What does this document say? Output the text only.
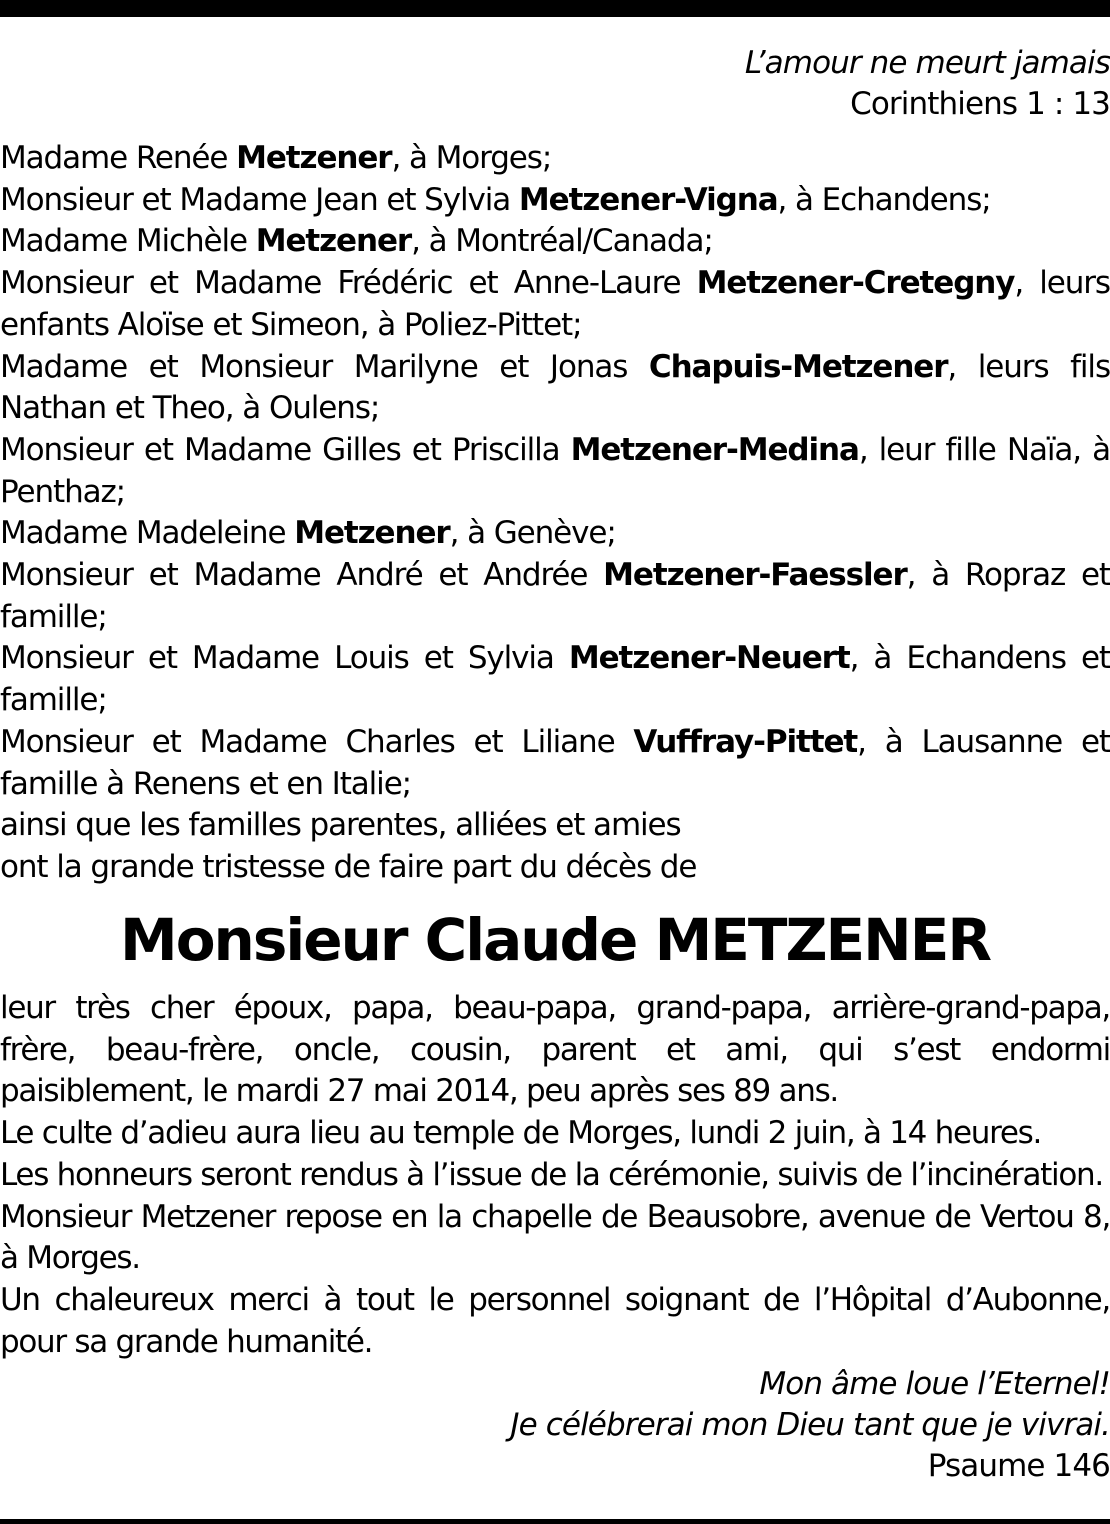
L’amour ne meurt jamais
Corinthiens 1 : 13

Madame Renée Metzener, à Morges;

Monsieur et Madame Jean et Sylvia Metzener-Vigna, à Echandens;

Madame Michèle Metzener, à Montréal/Canada;

Monsieur et Madame Frédéric et Anne-Laure Metzener-Cretegny, leurs enfants Aloïse et Simeon, à Poliez-Pittet;

Madame et Monsieur Marilyne et Jonas Chapuis-Metzener, leurs fils Nathan et Theo, à Oulens;

Monsieur et Madame Gilles et Priscilla Metzener-Medina, leur fille Naïa, à Penthaz;

Madame Madeleine Metzener, à Genève;

Monsieur et Madame André et Andrée Metzener-Faessler, à Ropraz et famille;

Monsieur et Madame Louis et Sylvia Metzener-Neuert, à Echandens et famille;

Monsieur et Madame Charles et Liliane Vuffray-Pittet, à Lausanne et famille à Renens et en Italie;

ainsi que les familles parentes, alliées et amies

ont la grande tristesse de faire part du décès de

Monsieur Claude METZENER

leur très cher époux, papa, beau-papa, grand-papa, arrière-grand-papa, frère, beau-frère, oncle, cousin, parent et ami, qui s’est endormi paisiblement, le mardi 27 mai 2014, peu après ses 89 ans.

Le culte d’adieu aura lieu au temple de Morges, lundi 2 juin, à 14 heures.

Les honneurs seront rendus à l’issue de la cérémonie, suivis de l’incinération.

Monsieur Metzener repose en la chapelle de Beausobre, avenue de Vertou 8, à Morges.

Un chaleureux merci à tout le personnel soignant de l’Hôpital d’Aubonne, pour sa grande humanité.

Mon âme loue l’Eternel!
Je célébrerai mon Dieu tant que je vivrai.
Psaume 146
